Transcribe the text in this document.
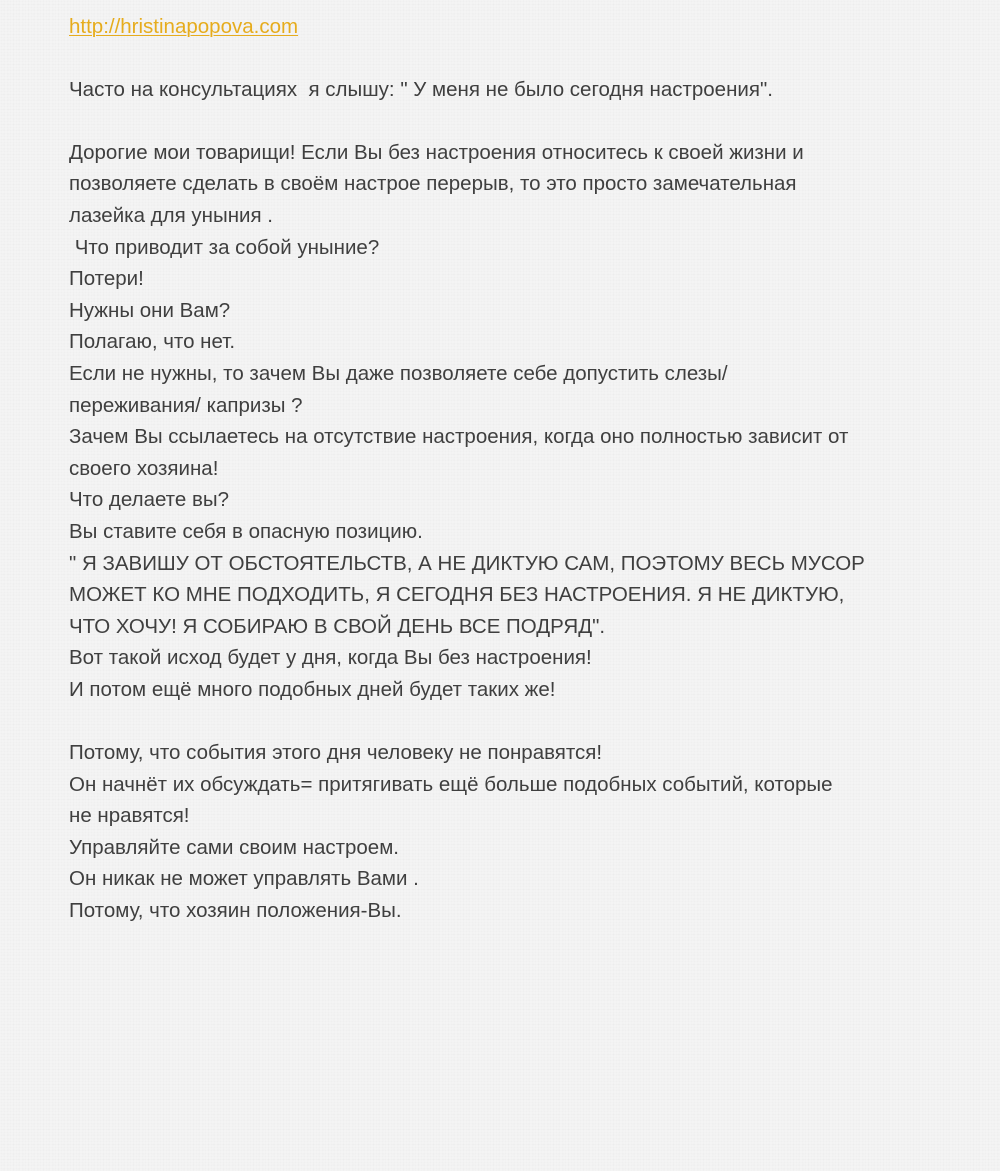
http://hristinapopova.com
Часто на консультациях  я слышу: " У меня не было сегодня настроения".
Дорогие мои товарищи! Если Вы без настроения относитесь к своей жизни и
позволяете сделать в своём настрое перерыв, то это просто замечательная
лазейка для уныния .
Что приводит за собой уныние?
Потери!
Нужны они Вам?
Полагаю, что нет.
Если не нужны, то зачем Вы даже позволяете себе допустить слезы/
переживания/ капризы ?
Зачем Вы ссылаетесь на отсутствие настроения, когда оно полностью зависит от
своего хозяина!
Что делаете вы?
Вы ставите себя в опасную позицию.
" Я ЗАВИШУ ОТ ОБСТОЯТЕЛЬСТВ, А НЕ ДИКТУЮ САМ, ПОЭТОМУ ВЕСЬ МУСОР
МОЖЕТ КО МНЕ ПОДХОДИТЬ, Я СЕГОДНЯ БЕЗ НАСТРОЕНИЯ. Я НЕ ДИКТУЮ,
ЧТО ХОЧУ! Я СОБИРАЮ В СВОЙ ДЕНЬ ВСЕ ПОДРЯД".
Вот такой исход будет у дня, когда Вы без настроения!
И потом ещё много подобных дней будет таких же!
Потому, что события этого дня человеку не понравятся!
Он начнёт их обсуждать= притягивать ещё больше подобных событий, которые
не нравятся!
Управляйте сами своим настроем.
Он никак не может управлять Вами .
Потому, что хозяин положения-Вы.
